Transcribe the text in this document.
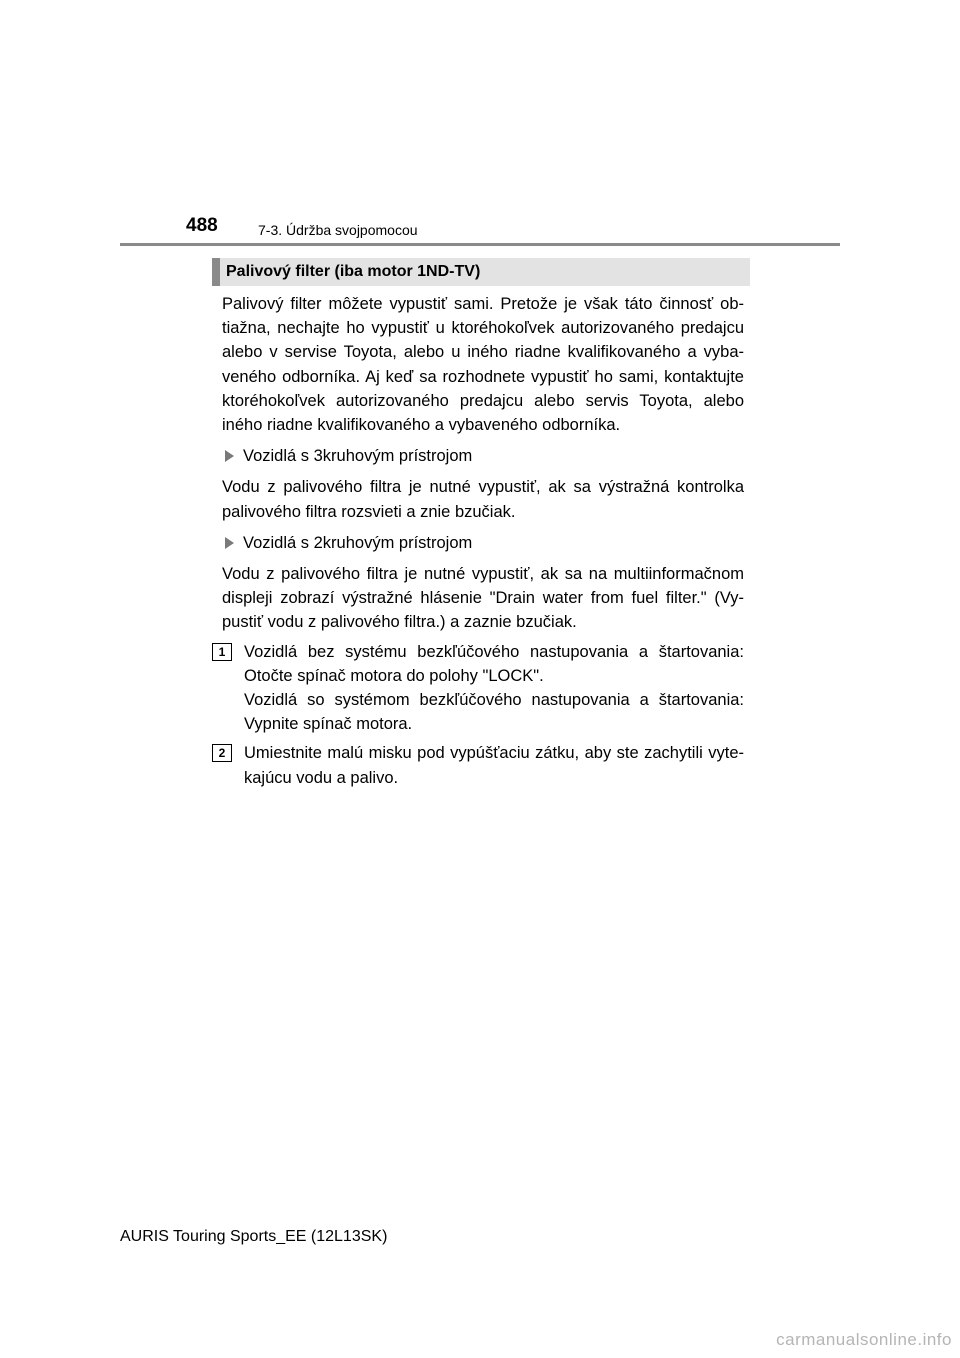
488	7-3. Údržba svojpomocou
Palivový filter (iba motor 1ND-TV)

Palivový filter môžete vypustiť sami. Pretože je však táto činnosť ob-tiažna, nechajte ho vypustiť u ktoréhokoľvek autorizovaného predajcu alebo v servise Toyota, alebo u iného riadne kvalifikovaného a vyba-veného odborníka. Aj keď sa rozhodnete vypustiť ho sami, kontaktujte ktoréhokoľvek autorizovaného predajcu alebo servis Toyota, alebo iného riadne kvalifikovaného a vybaveného odborníka.

Vozidlá s 3kruhovým prístrojom

Vodu z palivového filtra je nutné vypustiť, ak sa výstražná kontrolka palivového filtra rozsvieti a znie bzučiak.

Vozidlá s 2kruhovým prístrojom

Vodu z palivového filtra je nutné vypustiť, ak sa na multiinformačnom displeji zobrazí výstražné hlásenie "Drain water from fuel filter." (Vy-pustiť vodu z palivového filtra.) a zaznie bzučiak.

1	Vozidlá bez systému bezkľúčového nastupovania a štartovania: Otočte spínač motora do polohy "LOCK".

Vozidlá so systémom bezkľúčového nastupovania a štartovania: Vypnite spínač motora.

2	Umiestnite malú misku pod vypúšťaciu zátku, aby ste zachytili vyte-kajúcu vodu a palivo.

AURIS Touring Sports_EE (12L13SK)
carmanualsonline.info
